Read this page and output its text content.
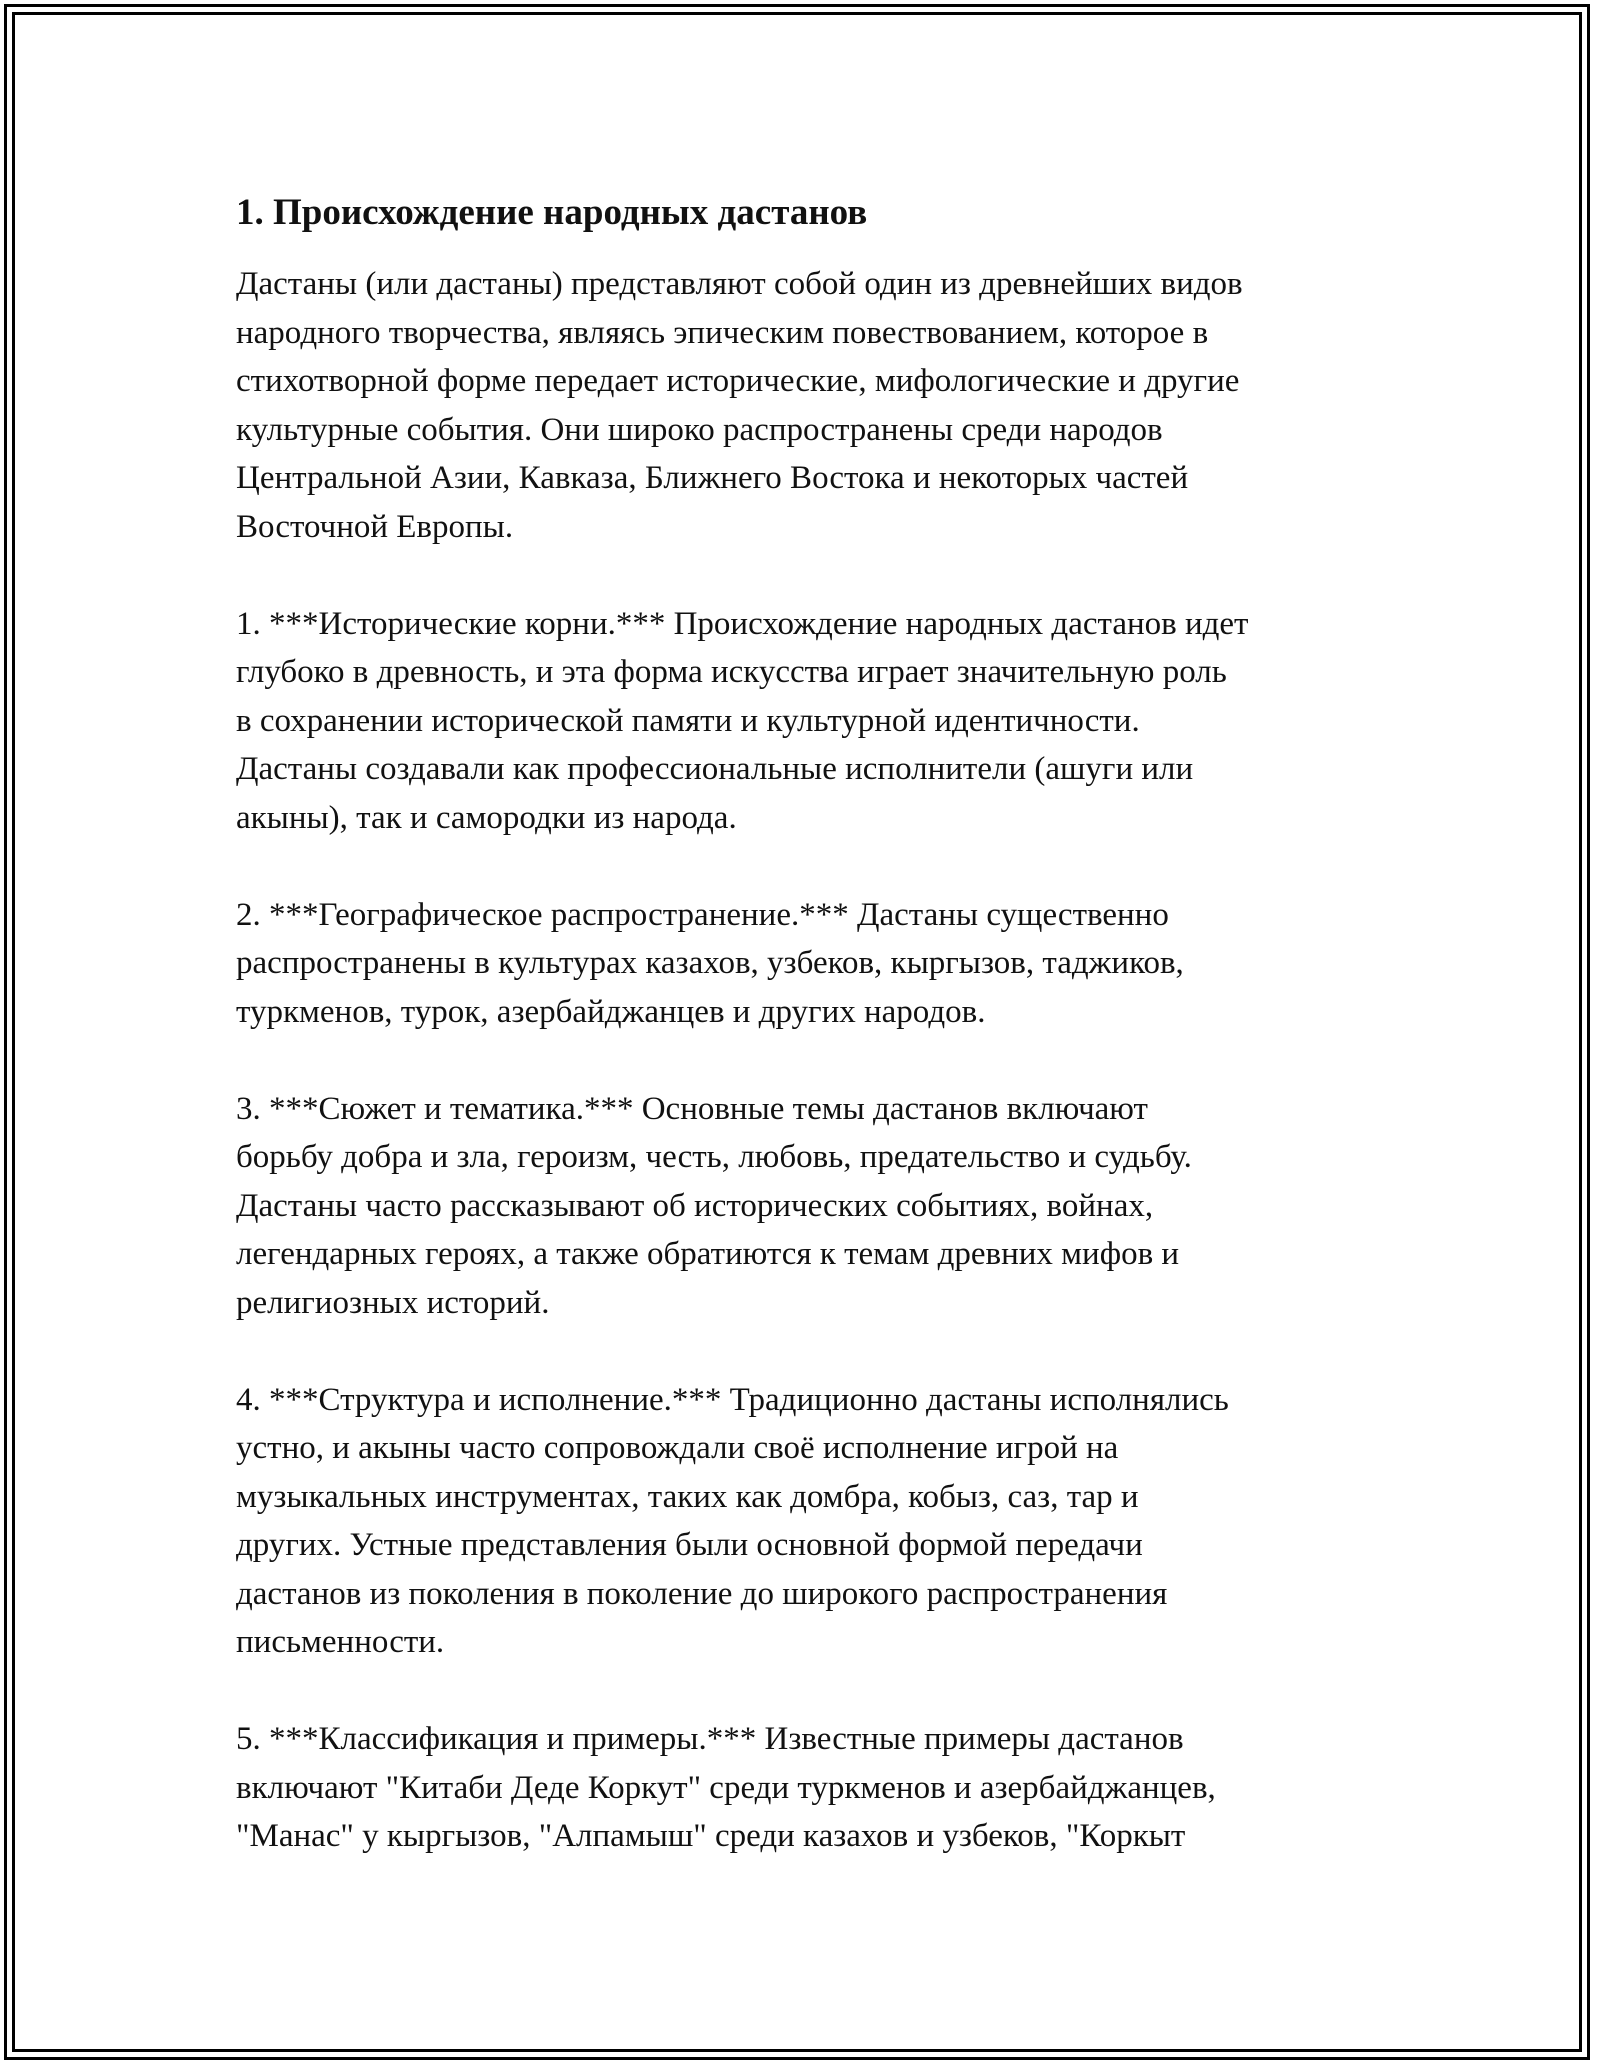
1. Происхождение народных дастанов

Дастаны (или дастаны) представляют собой один из древнейших видов
народного творчества, являясь эпическим повествованием, которое в
стихотворной форме передает исторические, мифологические и другие
культурные события. Они широко распространены среди народов
Центральной Азии, Кавказа, Ближнего Востока и некоторых частей
Восточной Европы.

1. ***Исторические корни.*** Происхождение народных дастанов идет
глубоко в древность, и эта форма искусства играет значительную роль
в сохранении исторической памяти и культурной идентичности.
Дастаны создавали как профессиональные исполнители (ашуги или
акыны), так и самородки из народа.

2. ***Географическое распространение.*** Дастаны существенно
распространены в культурах казахов, узбеков, кыргызов, таджиков,
туркменов, турок, азербайджанцев и других народов.

3. ***Сюжет и тематика.*** Основные темы дастанов включают
борьбу добра и зла, героизм, честь, любовь, предательство и судьбу.
Дастаны часто рассказывают об исторических событиях, войнах,
легендарных героях, а также обратиются к темам древних мифов и
религиозных историй.

4. ***Структура и исполнение.*** Традиционно дастаны исполнялись
устно, и акыны часто сопровождали своё исполнение игрой на
музыкальных инструментах, таких как домбра, кобыз, саз, тар и
других. Устные представления были основной формой передачи
дастанов из поколения в поколение до широкого распространения
письменности.

5. ***Классификация и примеры.*** Известные примеры дастанов
включают "Китаби Деде Коркут" среди туркменов и азербайджанцев,
"Манас" у кыргызов, "Алпамыш" среди казахов и узбеков, "Коркыт
